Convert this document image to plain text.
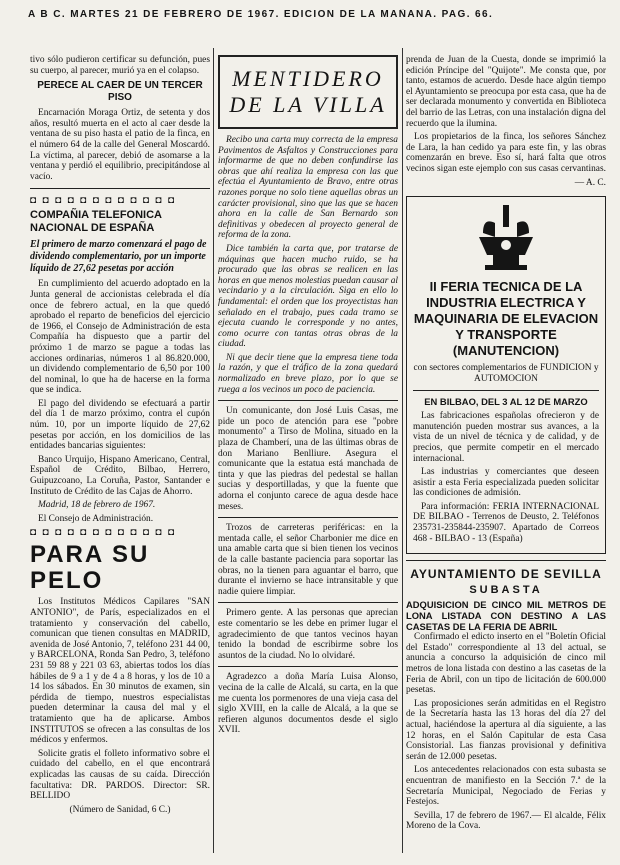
A B C. MARTES 21 DE FEBRERO DE 1967. EDICION DE LA MAÑANA. PAG. 66.

tivo sólo pudieron certificar su defunción, pues su cuerpo, al parecer, murió ya en el colapso.

PERECE AL CAER DE UN TERCER PISO

Encarnación Moraga Ortiz, de setenta y dos años, resultó muerta en el acto al caer desde la ventana de su piso hasta el patio de la finca, en el número 64 de la calle del General Moscardó. La víctima, al parecer, debió de asomarse a la ventana y perdió el equilibrio, precipitándose al vacío.

◘ ◘ ◘ ◘ ◘ ◘ ◘ ◘ ◘ ◘ ◘ ◘
COMPAÑIA TELEFONICA NACIONAL DE ESPAÑA
El primero de marzo comenzará el pago de dividendo complementario, por un importe líquido de 27,62 pesetas por acción

En cumplimiento del acuerdo adoptado en la Junta general de accionistas celebrada el día once de febrero actual, en la que quedó aprobado el reparto de beneficios del ejercicio de 1966, el Consejo de Administración de esta Compañía ha dispuesto que a partir del próximo 1 de marzo se pague a todas las acciones ordinarias, números 1 al 86.820.000, un dividendo complementario de 6,50 por 100 del nominal, lo que ha de hacerse en la forma que se indica.

El pago del dividendo se efectuará a partir del día 1 de marzo próximo, contra el cupón núm. 10, por un importe líquido de 27,62 pesetas por acción, en los domicilios de las entidades bancarias siguientes:

Banco Urquijo, Hispano Americano, Central, Español de Crédito, Bilbao, Herrero, Guipuzcoano, La Coruña, Pastor, Santander e Instituto de Crédito de las Cajas de Ahorro.

Madrid, 18 de febrero de 1967.

El Consejo de Administración.

◘ ◘ ◘ ◘ ◘ ◘ ◘ ◘ ◘ ◘ ◘ ◘
PARA SU PELO

Los Institutos Médicos Capilares "SAN ANTONIO", de París, especializados en el tratamiento y conservación del cabello, comunican que tienen consultas en MADRID, avenida de José Antonio, 7, teléfono 231 44 00, y BARCELONA, Ronda San Pedro, 3, teléfono 231 59 88 y 221 03 63, abiertas todos los días hábiles de 9 a 1 y de 4 a 8 horas, y los de 10 a 14 los sábados. En 30 minutos de examen, sin pérdida de tiempo, nuestros especialistas pueden determinar la causa del mal y el tratamiento que ha de aplicarse. Ambos INSTITUTOS se ofrecen a las consultas de los médicos y enfermos.

Solicite gratis el folleto informativo sobre el cuidado del cabello, en el que encontrará explicadas las causas de su caída. Dirección facultativa: DR. PARDOS. Director: SR. BELLIDO

(Número de Sanidad, 6 C.)

MENTIDERO
DE LA VILLA

Recibo una carta muy correcta de la empresa Pavimentos de Asfaltos y Construcciones para informarme de que no deben confundirse las obras que ahí realiza la empresa con las que efectúa el Ayuntamiento de Bravo, entre otras razones porque no solo tiene aquellas obras un carácter provisional, sino que las que se hacen ahora en la calle de San Bernardo son definitivas y obedecen al proyecto general de reforma de la zona.

Dice también la carta que, por tratarse de máquinas que hacen mucho ruido, se ha procurado que las obras se realicen en las horas en que menos molestias puedan causar al vecindario y a la circulación. Siga en ello lo fundamental: el orden que los proyectistas han señalado en el trabajo, pues cada tramo se ejecuta cuando le corresponde y no antes, como ocurre con tantas otras obras de la ciudad.

Ni que decir tiene que la empresa tiene toda la razón, y que el tráfico de la zona quedará normalizado en breve plazo, por lo que se ruega a los vecinos un poco de paciencia.

Un comunicante, don José Luis Casas, me pide un poco de atención para ese "pobre monumento" a Tirso de Molina, situado en la plaza de Chamberí, una de las últimas obras de don Mariano Benlliure. Asegura el comunicante que la estatua está manchada de tinta y que las piedras del pedestal se hallan sucias y desportilladas, y que la fuente que adorna el conjunto carece de agua desde hace meses.

Trozos de carreteras periféricas: en la mentada calle, el señor Charbonier me dice en una amable carta que si bien tienen los vecinos de la calle bastante paciencia para soportar las obras, no la tienen para aguantar el barro, que durante el invierno se hace intransitable y que nadie quiere limpiar.

Primero gente. A las personas que aprecian este comentario se les debe en primer lugar el agradecimiento de que tantos vecinos hayan tenido la bondad de escribirme sobre los asuntos de la ciudad. No lo olvidaré.

Agradezco a doña María Luisa Alonso, vecina de la calle de Alcalá, su carta, en la que me cuenta los pormenores de una vieja casa del siglo XVIII, en la calle de Alcalá, a la que se refieren algunos documentos desde el siglo XVII.

prenda de Juan de la Cuesta, donde se imprimió la edición Príncipe del "Quijote". Me consta que, por tanto, estamos de acuerdo. Desde hace algún tiempo el Ayuntamiento se preocupa por esta casa, que ha de ser declarada monumento y convertida en Biblioteca del barrio de las Letras, con una instalación digna del recuerdo que la ilumina.

Los propietarios de la finca, los señores Sánchez de Lara, la han cedido ya para este fin, y las obras comenzarán en breve. Eso sí, hará falta que otros vecinos sigan este ejemplo con sus casas cervantinas.

— A. C.

II FERIA TECNICA DE LA INDUSTRIA ELECTRICA Y MAQUINARIA DE ELEVACION Y TRANSPORTE (MANUTENCION)
con sectores complementarios de FUNDICION y AUTOMOCION
EN BILBAO, DEL 3 AL 12 DE MARZO

Las fabricaciones españolas ofrecieron y de manutención pueden mostrar sus avances, a la vista de un nivel de técnica y de calidad, y de precios, que permite competir en el mercado internacional.

Las industrias y comerciantes que deseen asistir a esta Feria especializada pueden solicitar las condiciones de admisión.

Para información: FERIA INTERNACIONAL DE BILBAO - Terrenos de Deusto, 2. Teléfonos 235731-235844-235907. Apartado de Correos 468 - BILBAO - 13 (España)

AYUNTAMIENTO DE SEVILLA
SUBASTA
ADQUISICION DE CINCO MIL METROS DE LONA LISTADA CON DESTINO A LAS CASETAS DE LA FERIA DE ABRIL

Confirmado el edicto inserto en el "Boletín Oficial del Estado" correspondiente al 13 del actual, se anuncia a concurso la adquisición de cinco mil metros de lona listada con destino a las casetas de la Feria de Abril, con un tipo de licitación de 600.000 pesetas.

Las proposiciones serán admitidas en el Registro de la Secretaría hasta las 13 horas del día 27 del actual, haciéndose la apertura al día siguiente, a las 12 horas, en el Salón Capitular de esta Casa Consistorial. Las fianzas provisional y definitiva serán de 12.000 pesetas.

Los antecedentes relacionados con esta subasta se encuentran de manifiesto en la Sección 7.ª de la Secretaría Municipal, Negociado de Ferias y Festejos.

Sevilla, 17 de febrero de 1967.— El alcalde, Félix Moreno de la Cova.
